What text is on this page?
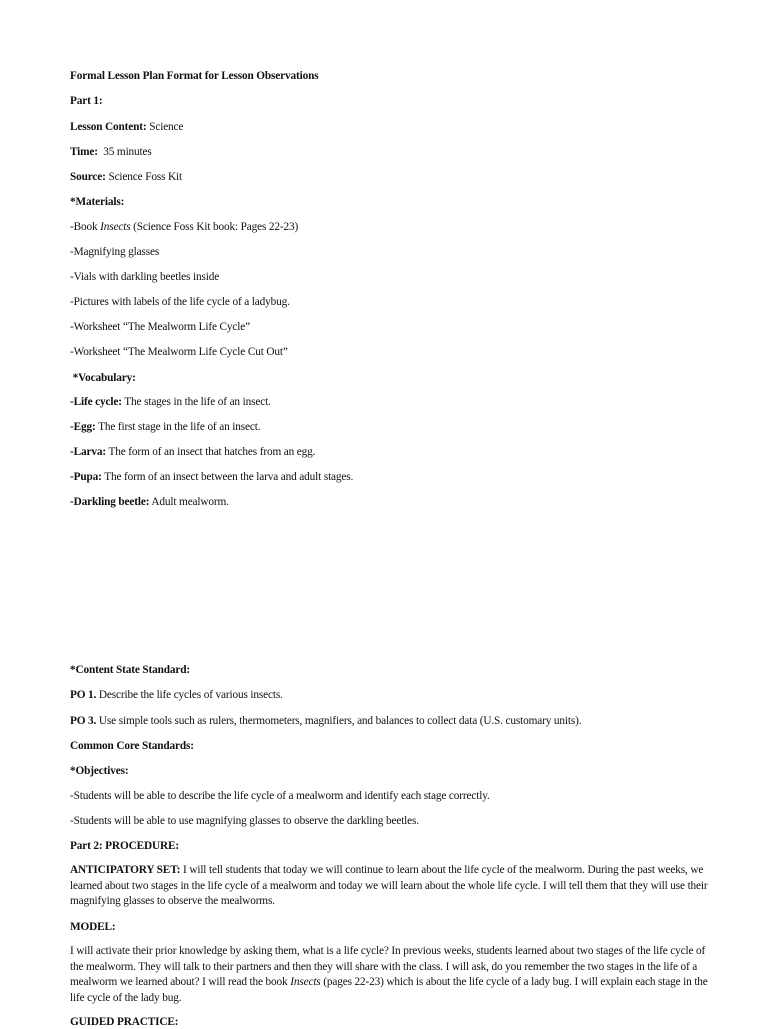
Formal Lesson Plan Format for Lesson Observations
Part 1:
Lesson Content: Science
Time:  35 minutes
Source: Science Foss Kit
*Materials:
-Book Insects (Science Foss Kit book: Pages 22-23)
-Magnifying glasses
-Vials with darkling beetles inside
-Pictures with labels of the life cycle of a ladybug.
-Worksheet “The Mealworm Life Cycle”
-Worksheet “The Mealworm Life Cycle Cut Out”
*Vocabulary:
-Life cycle: The stages in the life of an insect.
-Egg: The first stage in the life of an insect.
-Larva: The form of an insect that hatches from an egg.
-Pupa: The form of an insect between the larva and adult stages.
-Darkling beetle: Adult mealworm.
*Content State Standard:
PO 1. Describe the life cycles of various insects.
PO 3. Use simple tools such as rulers, thermometers, magnifiers, and balances to collect data (U.S. customary units).
Common Core Standards:
*Objectives:
-Students will be able to describe the life cycle of a mealworm and identify each stage correctly.
-Students will be able to use magnifying glasses to observe the darkling beetles.
Part 2: PROCEDURE:
ANTICIPATORY SET: I will tell students that today we will continue to learn about the life cycle of the mealworm. During the past weeks, we learned about two stages in the life cycle of a mealworm and today we will learn about the whole life cycle. I will tell them that they will use their magnifying glasses to observe the mealworms.
MODEL:
I will activate their prior knowledge by asking them, what is a life cycle? In previous weeks, students learned about two stages of the life cycle of the mealworm. They will talk to their partners and then they will share with the class. I will ask, do you remember the two stages in the life of a mealworm we learned about? I will read the book Insects (pages 22-23) which is about the life cycle of a lady bug. I will explain each stage in the life cycle of the lady bug.
GUIDED PRACTICE:
